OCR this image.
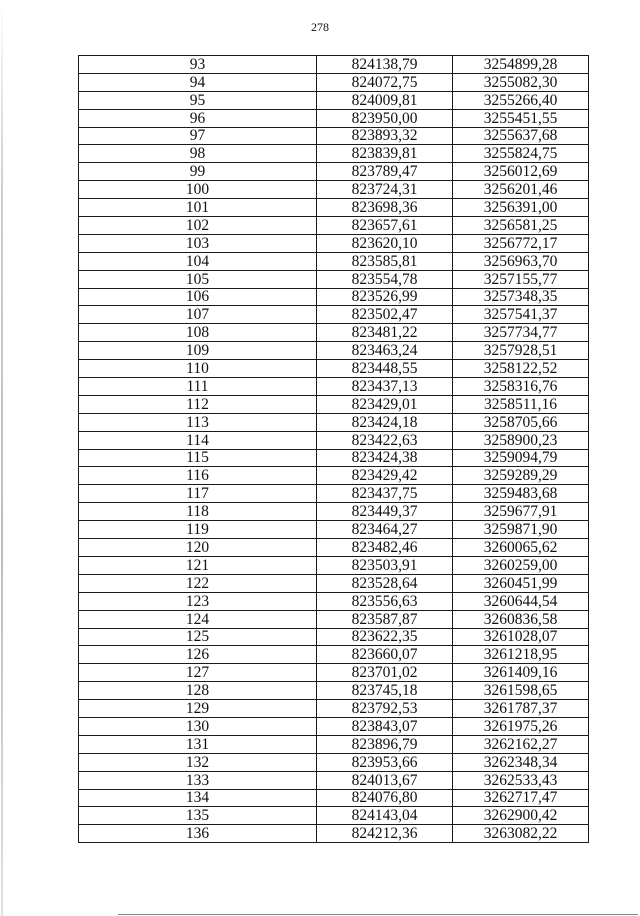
278
93	824138,79	3254899,28
94	824072,75	3255082,30
95	824009,81	3255266,40
96	823950,00	3255451,55
97	823893,32	3255637,68
98	823839,81	3255824,75
99	823789,47	3256012,69
100	823724,31	3256201,46
101	823698,36	3256391,00
102	823657,61	3256581,25
103	823620,10	3256772,17
104	823585,81	3256963,70
105	823554,78	3257155,77
106	823526,99	3257348,35
107	823502,47	3257541,37
108	823481,22	3257734,77
109	823463,24	3257928,51
110	823448,55	3258122,52
111	823437,13	3258316,76
112	823429,01	3258511,16
113	823424,18	3258705,66
114	823422,63	3258900,23
115	823424,38	3259094,79
116	823429,42	3259289,29
117	823437,75	3259483,68
118	823449,37	3259677,91
119	823464,27	3259871,90
120	823482,46	3260065,62
121	823503,91	3260259,00
122	823528,64	3260451,99
123	823556,63	3260644,54
124	823587,87	3260836,58
125	823622,35	3261028,07
126	823660,07	3261218,95
127	823701,02	3261409,16
128	823745,18	3261598,65
129	823792,53	3261787,37
130	823843,07	3261975,26
131	823896,79	3262162,27
132	823953,66	3262348,34
133	824013,67	3262533,43
134	824076,80	3262717,47
135	824143,04	3262900,42
136	824212,36	3263082,22
